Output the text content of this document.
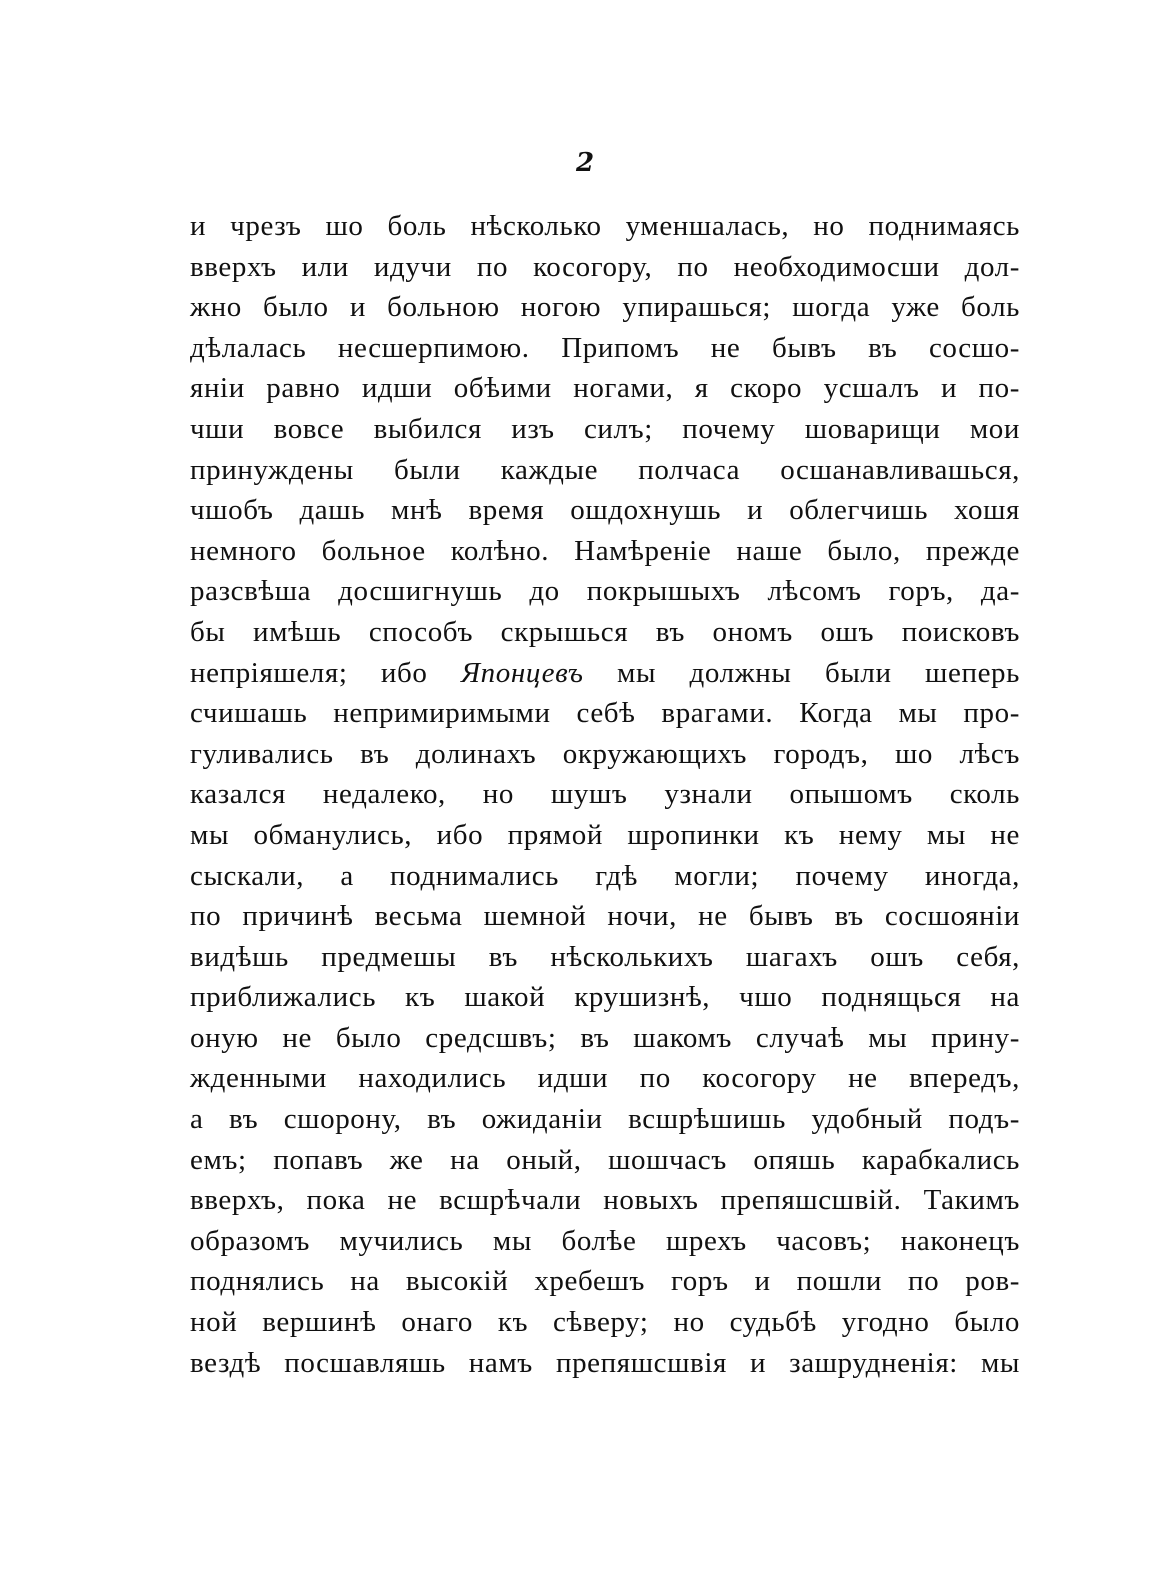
2
и чрезъ шо боль нѣсколько уменшалась, но поднимаясь
вверхъ или идучи по косогору, по необходимосши дол-
жно было и больною ногою упирашься; шогда уже боль
дѣлалась несшерпимою. Припомъ не бывъ въ сосшо-
яніи равно идши обѣими ногами, я скоро усшалъ и по-
чши вовсе выбился изъ силъ; почему шоварищи мои
принуждены были каждые полчаса осшанавливашься,
чшобъ дашь мнѣ время ошдохнушь и облегчишь хошя
немного больное колѣно. Намѣреніе наше было, прежде
разсвѣша досшигнушь до покрышыхъ лѣсомъ горъ, да-
бы имѣшь способъ скрышься въ ономъ ошъ поисковъ
непріяшеля; ибо Японцевъ мы должны были шеперь
счишашь непримиримыми себѣ врагами. Когда мы про-
гуливались въ долинахъ окружающихъ городъ, шо лѣсъ
казался недалеко, но шушъ узнали опышомъ сколь
мы обманулись, ибо прямой шропинки къ нему мы не
сыскали, а поднимались гдѣ могли; почему иногда,
по причинѣ весьма шемной ночи, не бывъ въ сосшояніи
видѣшь предмешы въ нѣсколькихъ шагахъ ошъ себя,
приближались къ шакой крушизнѣ, чшо поднящься на
оную не было средсшвъ; въ шакомъ случаѣ мы прину-
жденными находились идши по косогору не впередъ,
а въ сшорону, въ ожиданіи всшрѣшишь удобный подъ-
емъ; попавъ же на оный, шошчасъ опяшь карабкались
вверхъ, пока не всшрѣчали новыхъ препяшсшвій. Такимъ
образомъ мучились мы болѣе шрехъ часовъ; наконецъ
поднялись на высокій хребешъ горъ и пошли по ров-
ной вершинѣ онаго къ сѣверу; но судьбѣ угодно было
вездѣ посшавляшь намъ препяшсшвія и зашрудненія: мы
